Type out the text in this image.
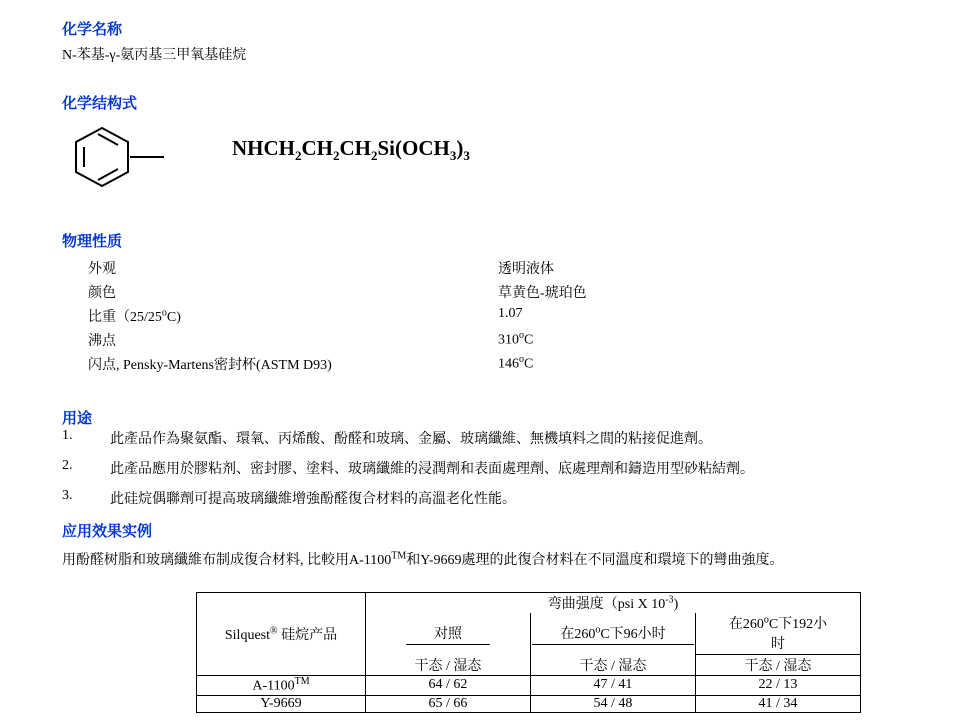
化学名称
N-苯基-γ-氨丙基三甲氧基硅烷
化学结构式
$NHCH_2CH_2CH_2Si(OCH_3)_3$
物理性质
外观	透明液体
颜色	草黄色-琥珀色
比重（25/25$^o$C)	1.07
沸点	310$^o$C
闪点, Pensky-Martens密封杯(ASTM D93)	146$^o$C
用途
1.	此產品作為聚氨酯、環氧、丙烯酸、酚醛和玻璃、金屬、玻璃纖維、無機填料之間的粘接促進劑。
2.	此產品應用於膠粘剂、密封膠、塗料、玻璃纖維的浸潤劑和表面處理劑、底處理劑和鑄造用型砂粘結劑。
3.	此硅烷偶聯劑可提高玻璃纖維增強酚醛復合材料的高溫老化性能。
应用效果实例
用酚醛树脂和玻璃纖維布制成復合材料, 比較用A-1100™和Y-9669處理的此復合材料在不同溫度和環境下的彎曲強度。
Silquest® 硅烷产品	弯曲强度（psi X $10^{-3}$)		
	对照	在260$^o$C下96小时	在260$^o$C下192小时
	干态 / 湿态	干态 / 湿态	干态 / 湿态
A-1100™	64 / 62	47 / 41	22 / 13
Y-9669	65 / 66	54 / 48	41 / 34
